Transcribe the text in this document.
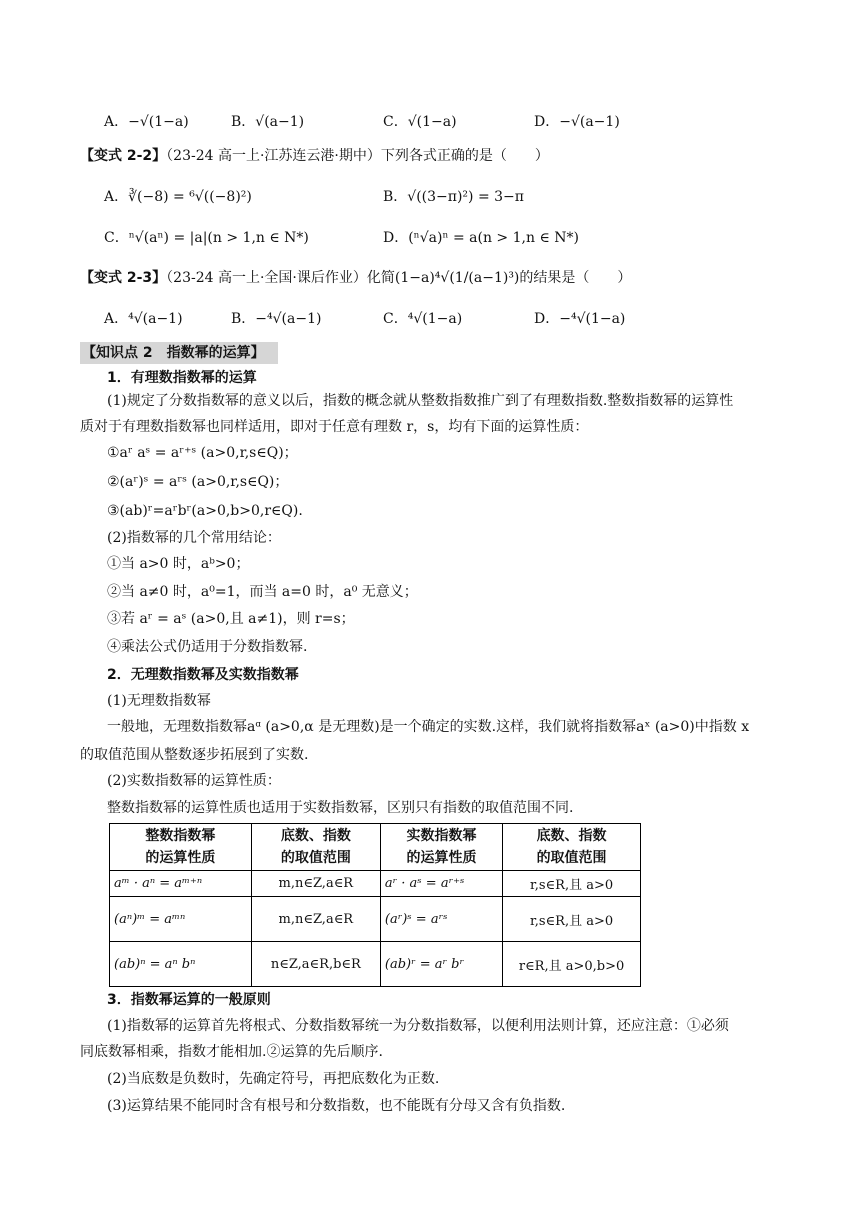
A．−√(1−a)	B．√(a−1)	C．√(1−a)	D．−√(a−1)
【变式 2-2】（23-24 高一上·江苏连云港·期中）下列各式正确的是（　　）
A．∛(−8) = ⁶√((−8)²)	B．√((3−π)²) = 3−π
C．ⁿ√(aⁿ) = |a|(n > 1,n ∈ N*)	D．(ⁿ√a)ⁿ = a(n > 1,n ∈ N*)
【变式 2-3】（23-24 高一上·全国·课后作业）化简(1−a)⁴√(1/(a−1)³)的结果是（　　）
A．⁴√(a−1)	B．−⁴√(a−1)	C．⁴√(1−a)	D．−⁴√(1−a)
【知识点 2　指数幂的运算】
1．有理数指数幂的运算
(1)规定了分数指数幂的意义以后，指数的概念就从整数指数推广到了有理数指数.整数指数幂的运算性
质对于有理数指数幂也同样适用，即对于任意有理数 r，s，均有下面的运算性质：
①aʳ aˢ = aʳ⁺ˢ (a>0,r,s∈Q)；
②(aʳ)ˢ = aʳˢ (a>0,r,s∈Q)；
③(ab)ʳ=aʳbʳ(a>0,b>0,r∈Q).
(2)指数幂的几个常用结论：
①当 a>0 时，aᵇ>0；
②当 a≠0 时，a⁰=1，而当 a=0 时，a⁰ 无意义；
③若 aʳ = aˢ (a>0,且 a≠1)，则 r=s；
④乘法公式仍适用于分数指数幂.
2．无理数指数幂及实数指数幂
(1)无理数指数幂
一般地，无理数指数幂aᵅ (a>0,α 是无理数)是一个确定的实数.这样，我们就将指数幂aˣ (a>0)中指数 x
的取值范围从整数逐步拓展到了实数.
(2)实数指数幂的运算性质：
整数指数幂的运算性质也适用于实数指数幂，区别只有指数的取值范围不同.
整数指数幂
的运算性质	底数、指数
的取值范围	实数指数幂
的运算性质	底数、指数
的取值范围
aᵐ · aⁿ = aᵐ⁺ⁿ	m,n∈Z,a∈R	aʳ · aˢ = aʳ⁺ˢ	r,s∈R,且 a>0
(aⁿ)ᵐ = aᵐⁿ	m,n∈Z,a∈R	(aʳ)ˢ = aʳˢ	r,s∈R,且 a>0
(ab)ⁿ = aⁿ bⁿ	n∈Z,a∈R,b∈R	(ab)ʳ = aʳ bʳ	r∈R,且 a>0,b>0
3．指数幂运算的一般原则
(1)指数幂的运算首先将根式、分数指数幂统一为分数指数幂，以便利用法则计算，还应注意：①必须
同底数幂相乘，指数才能相加.②运算的先后顺序.
(2)当底数是负数时，先确定符号，再把底数化为正数.
(3)运算结果不能同时含有根号和分数指数，也不能既有分母又含有负指数.
